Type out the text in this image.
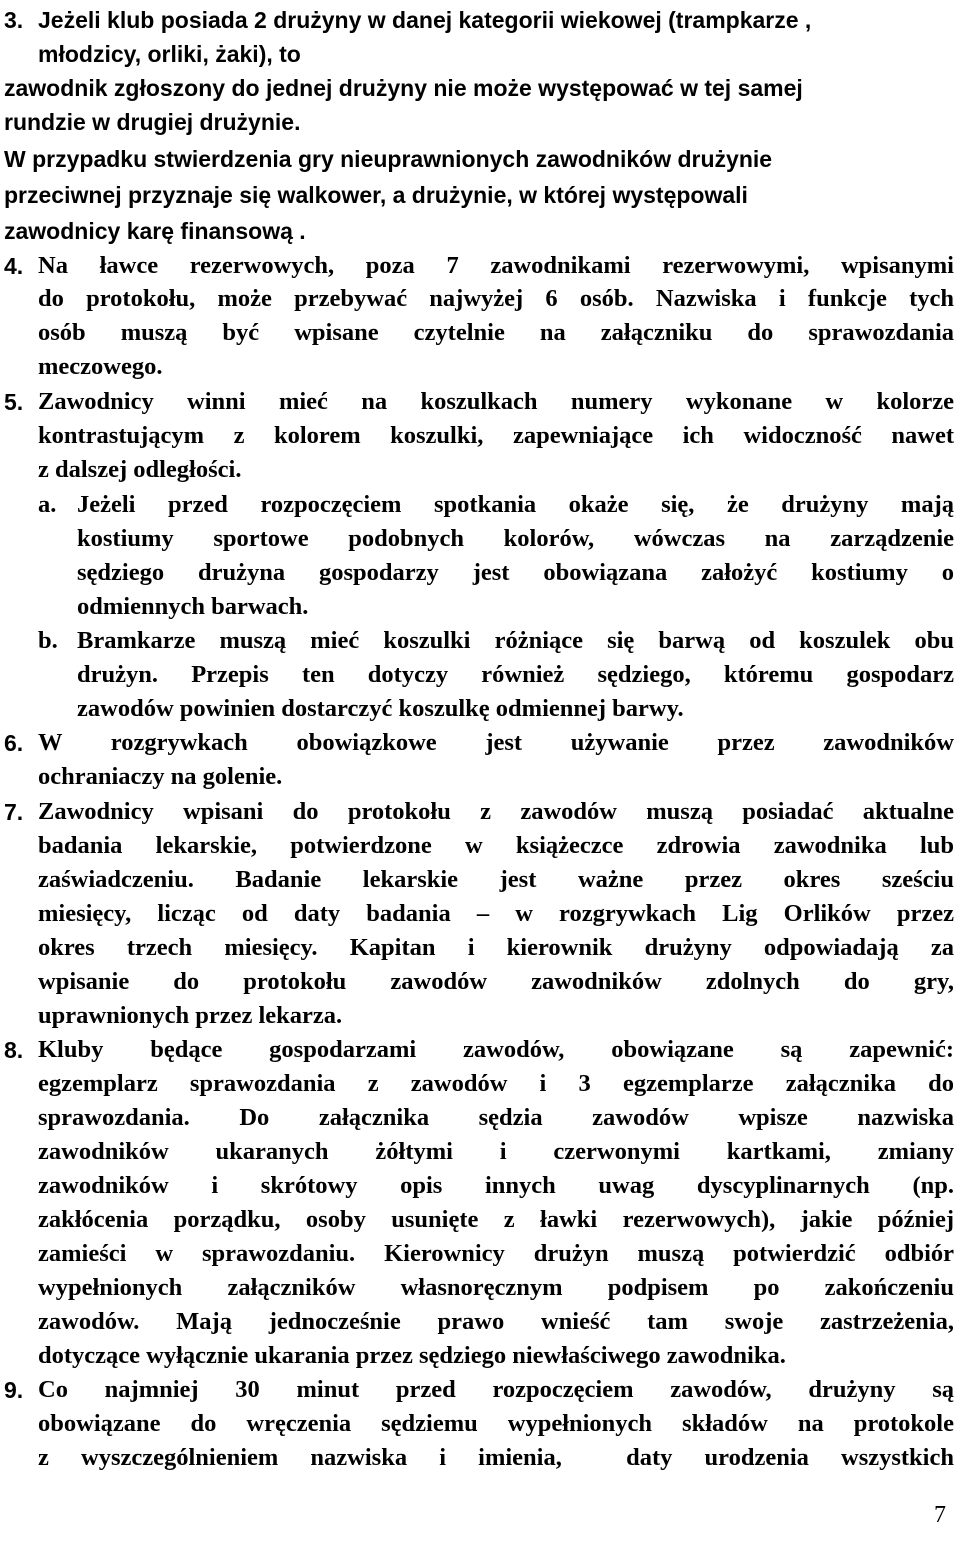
3. Jeżeli klub posiada 2 drużyny w danej kategorii wiekowej (trampkarze ,
młodzicy, orliki, żaki), to
zawodnik zgłoszony do jednej drużyny nie może występować w tej samej
rundzie w drugiej drużynie.
W przypadku stwierdzenia gry nieuprawnionych zawodników drużynie
przeciwnej przyznaje się walkower, a drużynie, w której występowali
zawodnicy karę finansową .
4. Na ławce rezerwowych, poza 7 zawodnikami rezerwowymi, wpisanymi
do protokołu, może przebywać najwyżej 6 osób. Nazwiska i funkcje tych
osób muszą być wpisane czytelnie na załączniku do sprawozdania
meczowego.
5. Zawodnicy winni mieć na koszulkach numery wykonane w kolorze
kontrastującym z kolorem koszulki, zapewniające ich widoczność nawet
z dalszej odległości.
a. Jeżeli przed rozpoczęciem spotkania okaże się, że drużyny mają
kostiumy sportowe podobnych kolorów, wówczas na zarządzenie
sędziego drużyna gospodarzy jest obowiązana założyć kostiumy o
odmiennych barwach.
b. Bramkarze muszą mieć koszulki różniące się barwą od koszulek obu
drużyn. Przepis ten dotyczy również sędziego, któremu gospodarz
zawodów powinien dostarczyć koszulkę odmiennej barwy.
6. W rozgrywkach obowiązkowe jest używanie przez zawodników
ochraniaczy na golenie.
7. Zawodnicy wpisani do protokołu z zawodów muszą posiadać aktualne
badania lekarskie, potwierdzone w książeczce zdrowia zawodnika lub
zaświadczeniu. Badanie lekarskie jest ważne przez okres sześciu
miesięcy, licząc od daty badania – w rozgrywkach Lig Orlików przez
okres trzech miesięcy. Kapitan i kierownik drużyny odpowiadają za
wpisanie do protokołu zawodów zawodników zdolnych do gry,
uprawnionych przez lekarza.
8. Kluby będące gospodarzami zawodów, obowiązane są zapewnić:
egzemplarz sprawozdania z zawodów i 3 egzemplarze załącznika do
sprawozdania. Do załącznika sędzia zawodów wpisze nazwiska
zawodników ukaranych żółtymi i czerwonymi kartkami, zmiany
zawodników i skrótowy opis innych uwag dyscyplinarnych (np.
zakłócenia porządku, osoby usunięte z ławki rezerwowych), jakie później
zamieści w sprawozdaniu. Kierownicy drużyn muszą potwierdzić odbiór
wypełnionych załączników własnoręcznym podpisem po zakończeniu
zawodów. Mają jednocześnie prawo wnieść tam swoje zastrzeżenia,
dotyczące wyłącznie ukarania przez sędziego niewłaściwego zawodnika.
9. Co najmniej 30 minut przed rozpoczęciem zawodów, drużyny są
obowiązane do wręczenia sędziemu wypełnionych składów na protokole
z wyszczególnieniem nazwiska i imienia,  daty urodzenia wszystkich
7
